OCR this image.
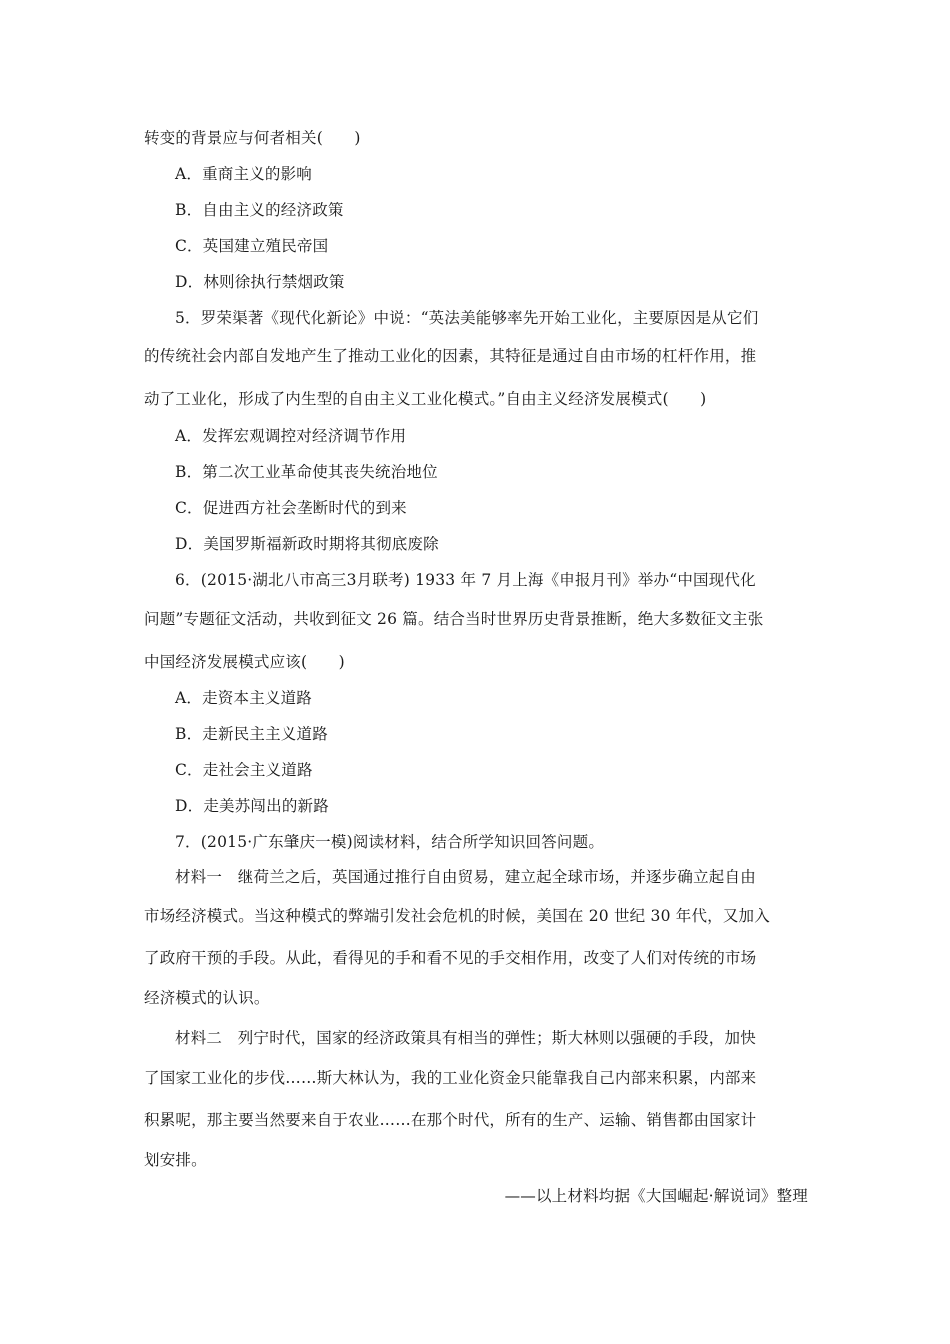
转变的背景应与何者相关(　　)
A．重商主义的影响
B．自由主义的经济政策
C．英国建立殖民帝国
D．林则徐执行禁烟政策
5．罗荣渠著《现代化新论》中说：“英法美能够率先开始工业化，主要原因是从它们
的传统社会内部自发地产生了推动工业化的因素，其特征是通过自由市场的杠杆作用，推
动了工业化，形成了内生型的自由主义工业化模式。”自由主义经济发展模式(　　)
A．发挥宏观调控对经济调节作用
B．第二次工业革命使其丧失统治地位
C．促进西方社会垄断时代的到来
D．美国罗斯福新政时期将其彻底废除
6．(2015·湖北八市高三3月联考) 1933 年 7 月上海《申报月刊》举办“中国现代化
问题”专题征文活动，共收到征文 26 篇。结合当时世界历史背景推断，绝大多数征文主张
中国经济发展模式应该(　　)
A．走资本主义道路
B．走新民主主义道路
C．走社会主义道路
D．走美苏闯出的新路
7．(2015·广东肇庆一模)阅读材料，结合所学知识回答问题。
材料一　继荷兰之后，英国通过推行自由贸易，建立起全球市场，并逐步确立起自由
市场经济模式。当这种模式的弊端引发社会危机的时候，美国在 20 世纪 30 年代，又加入
了政府干预的手段。从此，看得见的手和看不见的手交相作用，改变了人们对传统的市场
经济模式的认识。
材料二　列宁时代，国家的经济政策具有相当的弹性；斯大林则以强硬的手段，加快
了国家工业化的步伐……斯大林认为，我的工业化资金只能靠我自己内部来积累，内部来
积累呢，那主要当然要来自于农业……在那个时代，所有的生产、运输、销售都由国家计
划安排。
——以上材料均据《大国崛起·解说词》整理
